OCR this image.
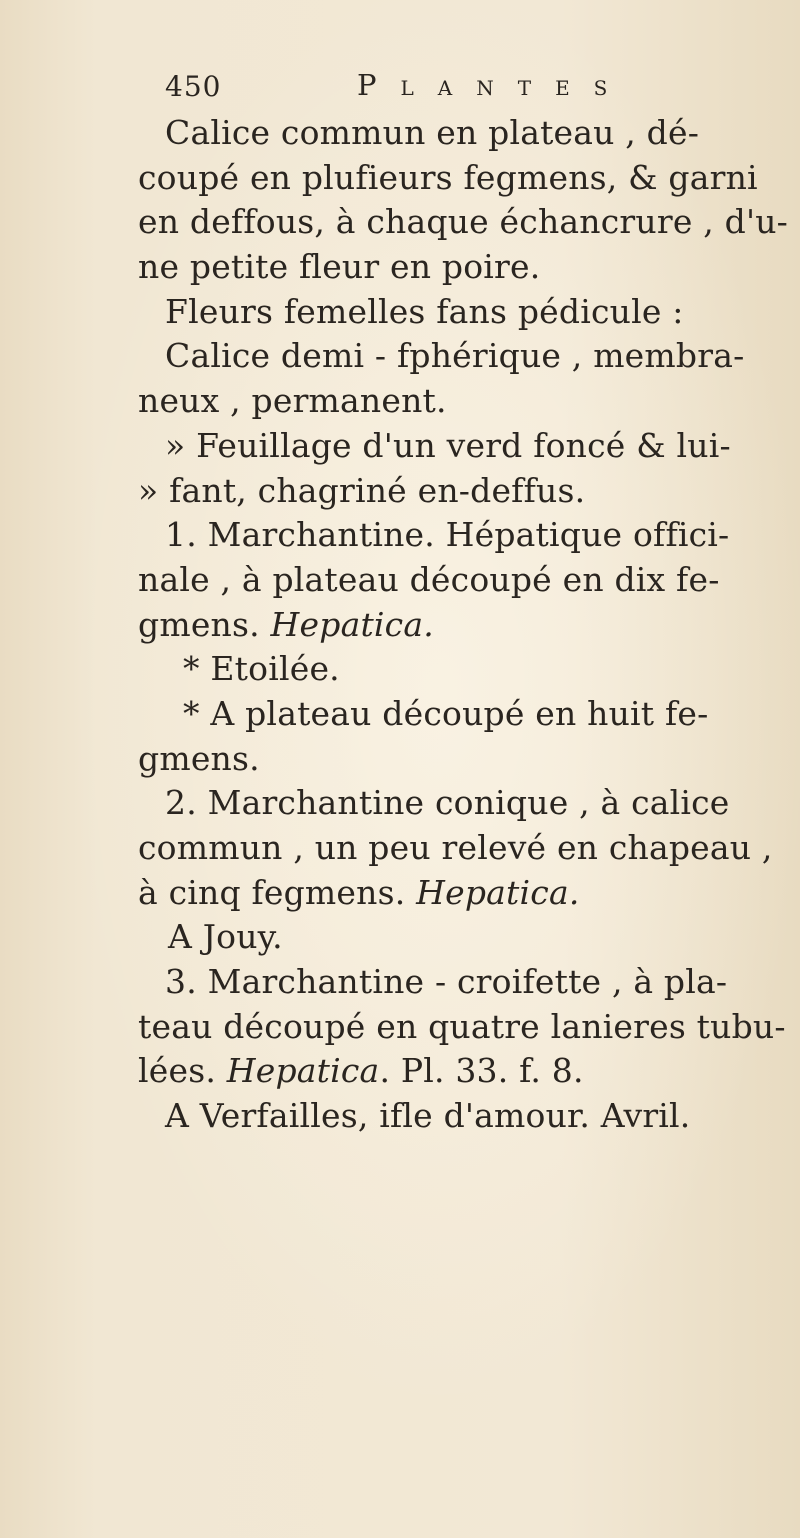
450	Plantes
Calice commun en plateau , dé-
coupé en plufieurs fegmens, & garni
en deffous, à chaque échancrure , d'u-
ne petite fleur en poire.
Fleurs femelles fans pédicule :
Calice demi - fphérique , membra-
neux , permanent.
» Feuillage d'un verd foncé & lui-
» fant, chagriné en-deffus.
1. Marchantine. Hépatique offici-
nale , à plateau découpé en dix fe-
gmens. Hepatica.
* Etoilée.
* A plateau découpé en huit fe-
gmens.
2. Marchantine conique , à calice
commun , un peu relevé en chapeau ,
à cinq fegmens. Hepatica.
A Jouy.
3. Marchantine - croifette , à pla-
teau découpé en quatre lanieres tubu-
lées. Hepatica. Pl. 33. f. 8.
A Verfailles, ifle d'amour. Avril.
